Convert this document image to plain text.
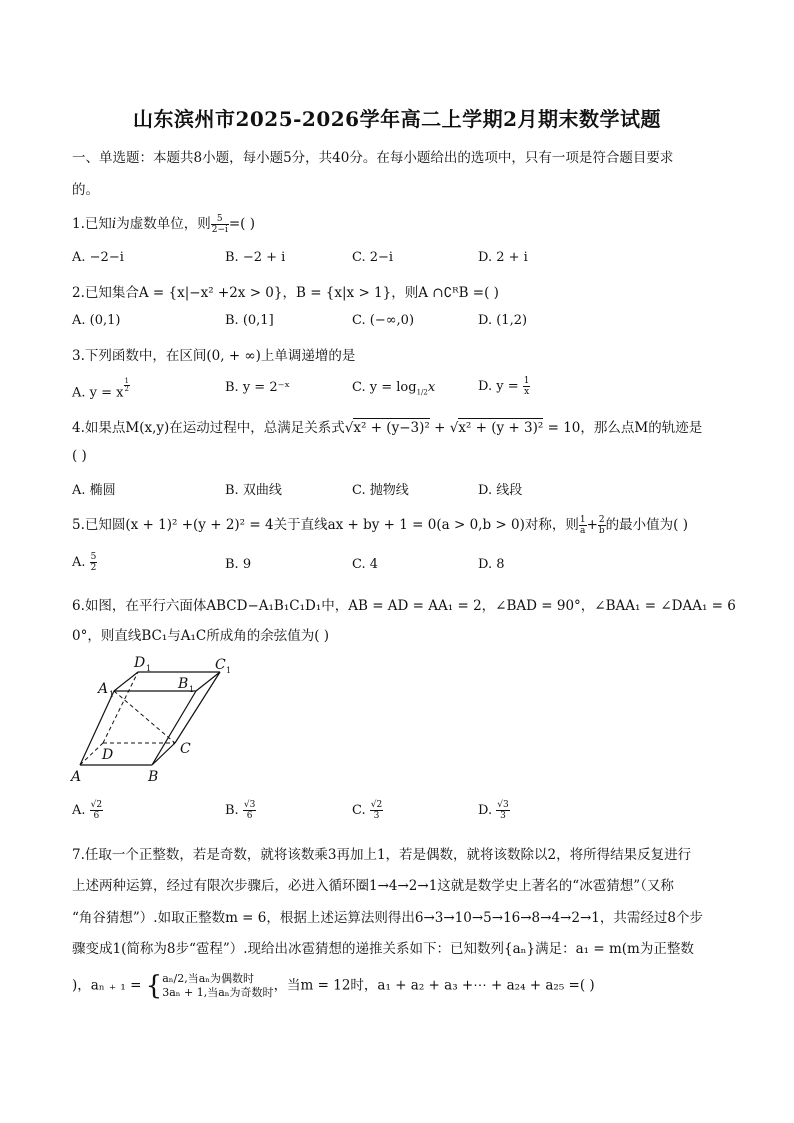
山东滨州市2025-2026学年高二上学期2月期末数学试题
一、单选题：本题共8小题，每小题5分，共40分。在每小题给出的选项中，只有一项是符合题目要求
的。
1.已知i为虚数单位，则 $\frac{5}{2-i}$ =( )
A. −2−i	B. −2 + i	C. 2−i	D. 2 + i
2.已知集合A = {x|−x² +2x > 0}，B = {x|x > 1}，则A ∩∁ᴿB =( )
A. (0,1)	B. (0,1]	C. (−∞,0)	D. (1,2)
3.下列函数中，在区间(0, + ∞)上单调递增的是
A. y = x $\frac{1}{2}$	B. y = 2⁻ˣ	C. $y = \log_{1/2}x$	D. $y = \frac{1}{x}$
4.如果点M(x,y)在运动过程中，总满足关系式√x² + (y−3)² + √x² + (y + 3)² = 10，那么点M的轨迹是
( )
A. 椭圆	B. 双曲线	C. 抛物线	D. 线段
5.已知圆(x + 1)² +(y + 2)² = 4关于直线ax + by + 1 = 0(a > 0,b > 0)对称，则 $\frac{1}{a} + \frac{2}{b}$ 的最小值为( )
A. $\frac{5}{2}$	B. 9	C. 4	D. 8
6.如图，在平行六面体ABCD−A₁B₁C₁D₁中，AB = AD = AA₁ = 2，∠BAD = 90°，∠BAA₁ = ∠DAA₁ = 6
0°，则直线BC₁与A₁C所成角的余弦值为( )
A	B
C
D
A 1
B 1
D 1	C 1
A. $\frac{√2}{6}$	B. $\frac{√3}{6}$	C. $\frac{√2}{3}$	D. $\frac{√3}{3}$
7.任取一个正整数，若是奇数，就将该数乘3再加上1，若是偶数，就将该数除以2，将所得结果反复进行
上述两种运算，经过有限次步骤后，必进入循环圈1→4→2→1这就是数学史上著名的“冰雹猜想”（又称
“角谷猜想”）.如取正整数m = 6，根据上述运算法则得出6→3→10→5→16→8→4→2→1，共需经过8个步
骤变成1(简称为8步“雹程”）.现给出冰雹猜想的递推关系如下：已知数列{aₙ}满足：a₁ = m(m为正整数
)，aₙ ₊ ₁ = { aₙ/2,当aₙ为偶数时
3aₙ + 1,当aₙ为奇数时 ，当m = 12时，a₁ + a₂ + a₃ +⋯ + a₂₄ + a₂₅ =( )
